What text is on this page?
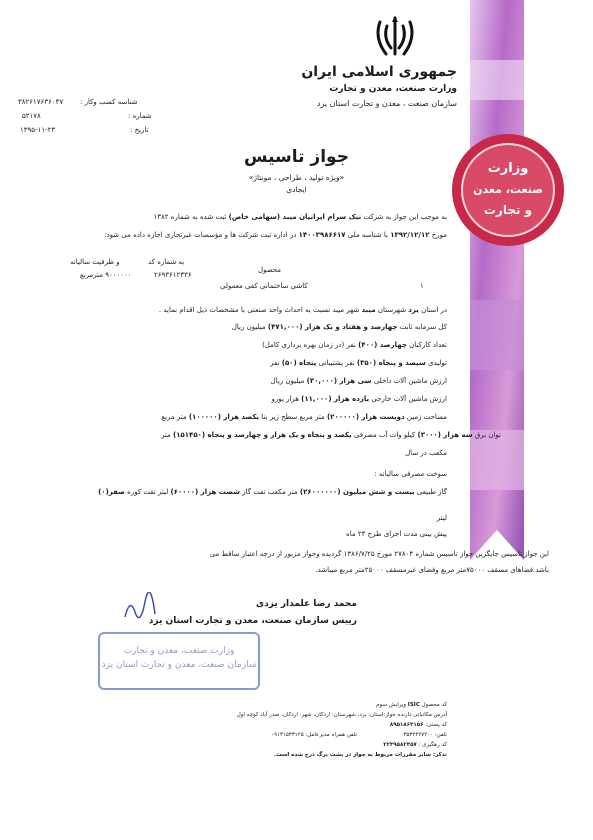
وزارت
صنعت، معدن
و تجارت
جمهوری اسلامی ایران
وزارت صنعت، معدن و تجارت
سازمان صنعت ، معدن و تجارت استان یزد
شناسه کسب وکار :
۳۸۲۶۱۷۶۳۶۰۴۷
شماره :
۵۲۱۷۸
تاریخ :
۱۳۹۵-۱۱-۲۳
جواز تاسیس
«ویژه تولید ، طراحی ، مونتاژ»
ایجادی
به موجب این جواز به شرکت نیک سرام ایرانیان میبد (سهامی خاص) ثبت شده به شماره ۱۳۸۲
مورخ ۱۳۹۲/۱۲/۱۲ با شناسه ملی ۱۴۰۰۳۹۸۶۶۱۷ در اداره ثبت شرکت ها و مؤسسات غیرتجاری اجازه داده می شود:
به شماره کد
و ظرفیت سالیانه
محصول
۲۶۹۳۶۱۲۳۳۶
۹۰۰۰۰۰۰ مترمربع
۱
کاشی ساختمانی کفی معمولی
در استان یزد شهرستان میبد شهر میبد نسبت به احداث واحد صنعتی با مشخصات ذیل اقدام نماید .
کل سرمایه ثابت چهارصد و هفتاد و یک هزار (۴۷۱,۰۰۰) میلیون ریال
تعداد کارکنان چهارصد (۴۰۰) نفر (در زمان بهره برداری کامل)
تولیدی سیصد و پنجاه (۳۵۰) نفر پشتیبانی پنجاه (۵۰) نفر
ارزش ماشین آلات داخلی سی هزار (۳۰,۰۰۰) میلیون ریال
ارزش ماشین آلات خارجی یازده هزار (۱۱,۰۰۰) هزار یورو
مساحت زمین دویست هزار (۲۰۰۰۰۰) متر مربع سطح زیر بنا یکصد هزار (۱۰۰۰۰۰) متر مربع
توان برق سه هزار (۳۰۰۰) کیلو وات آب مصرفی یکصد و پنجاه و یک هزار و چهارصد و پنجاه (۱۵۱۴۵۰) متر
مکعب در سال
سوخت مصرفی سالیانه :
گاز طبیعی بیست و شش میلیون (۲۶۰۰۰۰۰۰) متر مکعب نفت گاز شصت هزار (۶۰۰۰۰) لیتر نفت کوره صفر(۰)
لیتر
پیش بینی مدت اجرای طرح ۲۴ ماه
این جواز تاسیس جایگزین جواز تاسیس شماره ۲۷۸۰۴ مورخ ۱۳۸۶/۷/۲۵ گردیده وجواز مزبور از درجه اعتبار ساقط می
باشد.فضاهای مسقف ۷۵۰۰۰متر مربع وفضای غیرمسقف ۲۵۰۰۰متر مربع میباشد.
محمد رضا علمدار یزدی
رییس سازمان صنعت، معدن و تجارت استان یزد
وزارت صنعت، معدن و تجارت
سازمان صنعت، معدن و تجارت استان یزد
کد محصول ISIC ویرایش سوم
آدرس مکاتباتی دارنده جواز:استان: یزد، شهرستان: اردکان، شهر: اردکان، صدر آباد کوچه اول
کد پستی: ۸۹۵۱۸۶۴۱۵۶
تلفن: ۰۳۵۳۲۲۲۷۲۰۰  تلفن همراه مدیرعامل: ۰۹۱۳۱۵۳۳۱۲۵
کد رهگیری : ۲۲۴۹۵۸۲۴۵۷
تذکر: سایر مقررات مربوط به جواز در پشت برگ درج شده است.
